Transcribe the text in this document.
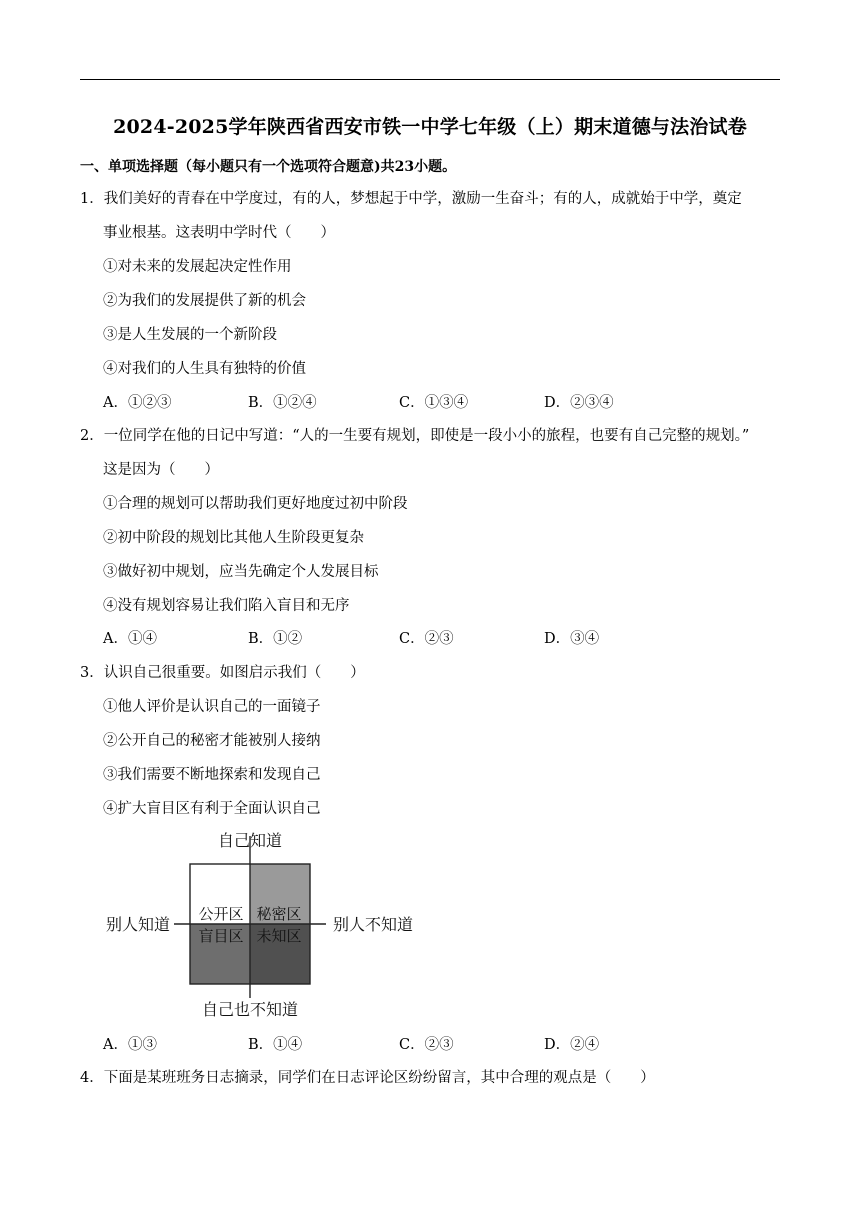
2024-2025学年陕西省西安市铁一中学七年级（上）期末道德与法治试卷
一、单项选择题（每小题只有一个选项符合题意)共23小题。
1．我们美好的青春在中学度过，有的人，梦想起于中学，激励一生奋斗；有的人，成就始于中学，奠定
事业根基。这表明中学时代（　　）
①对未来的发展起决定性作用
②为我们的发展提供了新的机会
③是人生发展的一个新阶段
④对我们的人生具有独特的价值
A．①②③	B．①②④	C．①③④	D．②③④
2．一位同学在他的日记中写道：“人的一生要有规划，即使是一段小小的旅程，也要有自己完整的规划。”
这是因为（　　）
①合理的规划可以帮助我们更好地度过初中阶段
②初中阶段的规划比其他人生阶段更复杂
③做好初中规划，应当先确定个人发展目标
④没有规划容易让我们陷入盲目和无序
A．①④	B．①②	C．②③	D．③④
3．认识自己很重要。如图启示我们（　　）
①他人评价是认识自己的一面镜子
②公开自己的秘密才能被别人接纳
③我们需要不断地探索和发现自己
④扩大盲目区有利于全面认识自己
自己知道
自己也不知道
别人知道	别人不知道
公开区 秘密区
盲目区 未知区
A．①③	B．①④	C．②③	D．②④
4．下面是某班班务日志摘录，同学们在日志评论区纷纷留言，其中合理的观点是（　　）
